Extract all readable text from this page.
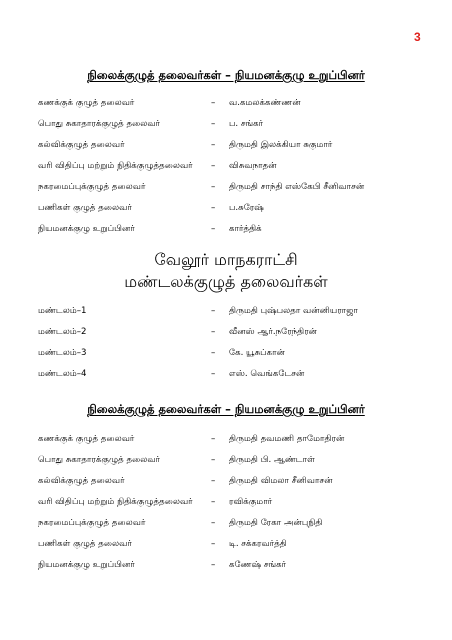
3
நிலைக்குழுத் தலைவர்கள் – நியமனக்குழு உறுப்பினர்
கணக்குக் குழுத் தலைவர்	– வ.கமலக்கண்ணன்
பொது சுகாதாரக்குழுத் தலைவர்	– ப. சங்கர்
கல்விக்குழுத் தலைவர்	– திருமதி இலக்கியா சுகுமார்
வரி விதிப்பு மற்றும் நிதிக்குழுத்தலைவர் – விசுவநாதன்
நகரமைப்புக்குழுத் தலைவர்	– திருமதி சாந்தி எஸ்கேபி சீனிவாசன்
பணிகள் குழுத் தலைவர்	– ப.சுரேஷ்
நியமனக்குழு உறுப்பினர்	– கார்த்திக்
வேலூர் மாநகராட்சி
மண்டலக்குழுத் தலைவர்கள்
மண்டலம்–1	– திருமதி புஷ்பலதா வன்னியராஜா
மண்டலம்–2	– வீனஸ் ஆர்.நரேந்திரன்
மண்டலம்–3	– கே. யூசுப்கான்
மண்டலம்–4	– எஸ். வெங்கடேசன்
நிலைக்குழுத் தலைவர்கள் – நியமனக்குழு உறுப்பினர்
கணக்குக் குழுத் தலைவர்	– திருமதி தவமணி தாமோதிரன்
பொது சுகாதாரக்குழுத் தலைவர்	– திருமதி பி. ஆண்டாள்
கல்விக்குழுத் தலைவர்	– திருமதி விமலா சீனிவாசன்
வரி விதிப்பு மற்றும் நிதிக்குழுத்தலைவர் – ரவிக்குமார்
நகரமைப்புக்குழுத் தலைவர்	– திருமதி ரேகா அன்புநிதி
பணிகள் குழுத் தலைவர்	– டி. சக்கரவர்த்தி
நியமனக்குழு உறுப்பினர்	– கணேஷ் சங்கர்
